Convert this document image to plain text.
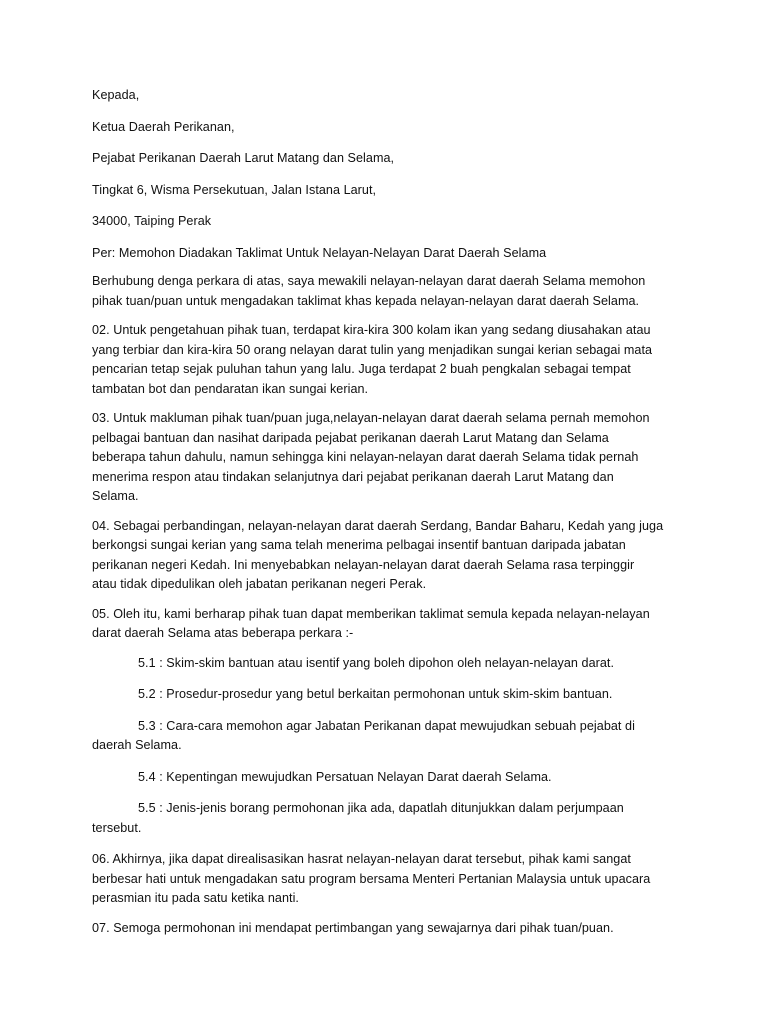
Kepada,
Ketua Daerah Perikanan,
Pejabat Perikanan Daerah Larut Matang dan Selama,
Tingkat 6, Wisma Persekutuan, Jalan Istana Larut,
34000, Taiping Perak
Per: Memohon Diadakan Taklimat Untuk Nelayan-Nelayan Darat Daerah Selama
Berhubung denga perkara di atas, saya mewakili nelayan-nelayan darat daerah Selama memohon
pihak tuan/puan untuk mengadakan taklimat khas kepada nelayan-nelayan darat daerah Selama.
02. Untuk pengetahuan pihak tuan, terdapat kira-kira 300 kolam ikan yang sedang diusahakan atau
yang terbiar dan kira-kira 50 orang nelayan darat tulin yang menjadikan sungai kerian sebagai mata
pencarian tetap sejak puluhan tahun yang lalu. Juga terdapat 2 buah pengkalan sebagai tempat
tambatan bot dan pendaratan ikan sungai kerian.
03. Untuk makluman pihak tuan/puan juga,nelayan-nelayan darat daerah selama pernah memohon
pelbagai bantuan dan nasihat daripada pejabat perikanan daerah Larut Matang dan Selama
beberapa tahun dahulu, namun sehingga kini nelayan-nelayan darat daerah Selama tidak pernah
menerima respon atau tindakan selanjutnya dari pejabat perikanan daerah Larut Matang dan
Selama.
04. Sebagai perbandingan, nelayan-nelayan darat daerah Serdang, Bandar Baharu, Kedah yang juga
berkongsi sungai kerian yang sama telah menerima pelbagai insentif bantuan daripada jabatan
perikanan negeri Kedah. Ini menyebabkan nelayan-nelayan darat daerah Selama rasa terpinggir
atau tidak dipedulikan oleh jabatan perikanan negeri Perak.
05. Oleh itu, kami berharap pihak tuan dapat memberikan taklimat semula kepada nelayan-nelayan
darat daerah Selama atas beberapa perkara :-
5.1 : Skim-skim bantuan atau isentif yang boleh dipohon oleh nelayan-nelayan darat.
5.2 : Prosedur-prosedur yang betul berkaitan permohonan untuk skim-skim bantuan.
5.3 : Cara-cara memohon agar Jabatan Perikanan dapat mewujudkan sebuah pejabat di
daerah Selama.
5.4 : Kepentingan mewujudkan Persatuan Nelayan Darat daerah Selama.
5.5 : Jenis-jenis borang permohonan jika ada, dapatlah ditunjukkan dalam perjumpaan
tersebut.
06. Akhirnya, jika dapat direalisasikan hasrat nelayan-nelayan darat tersebut, pihak kami sangat
berbesar hati untuk mengadakan satu program bersama Menteri Pertanian Malaysia untuk upacara
perasmian itu pada satu ketika nanti.
07. Semoga permohonan ini mendapat pertimbangan yang sewajarnya dari pihak tuan/puan.
